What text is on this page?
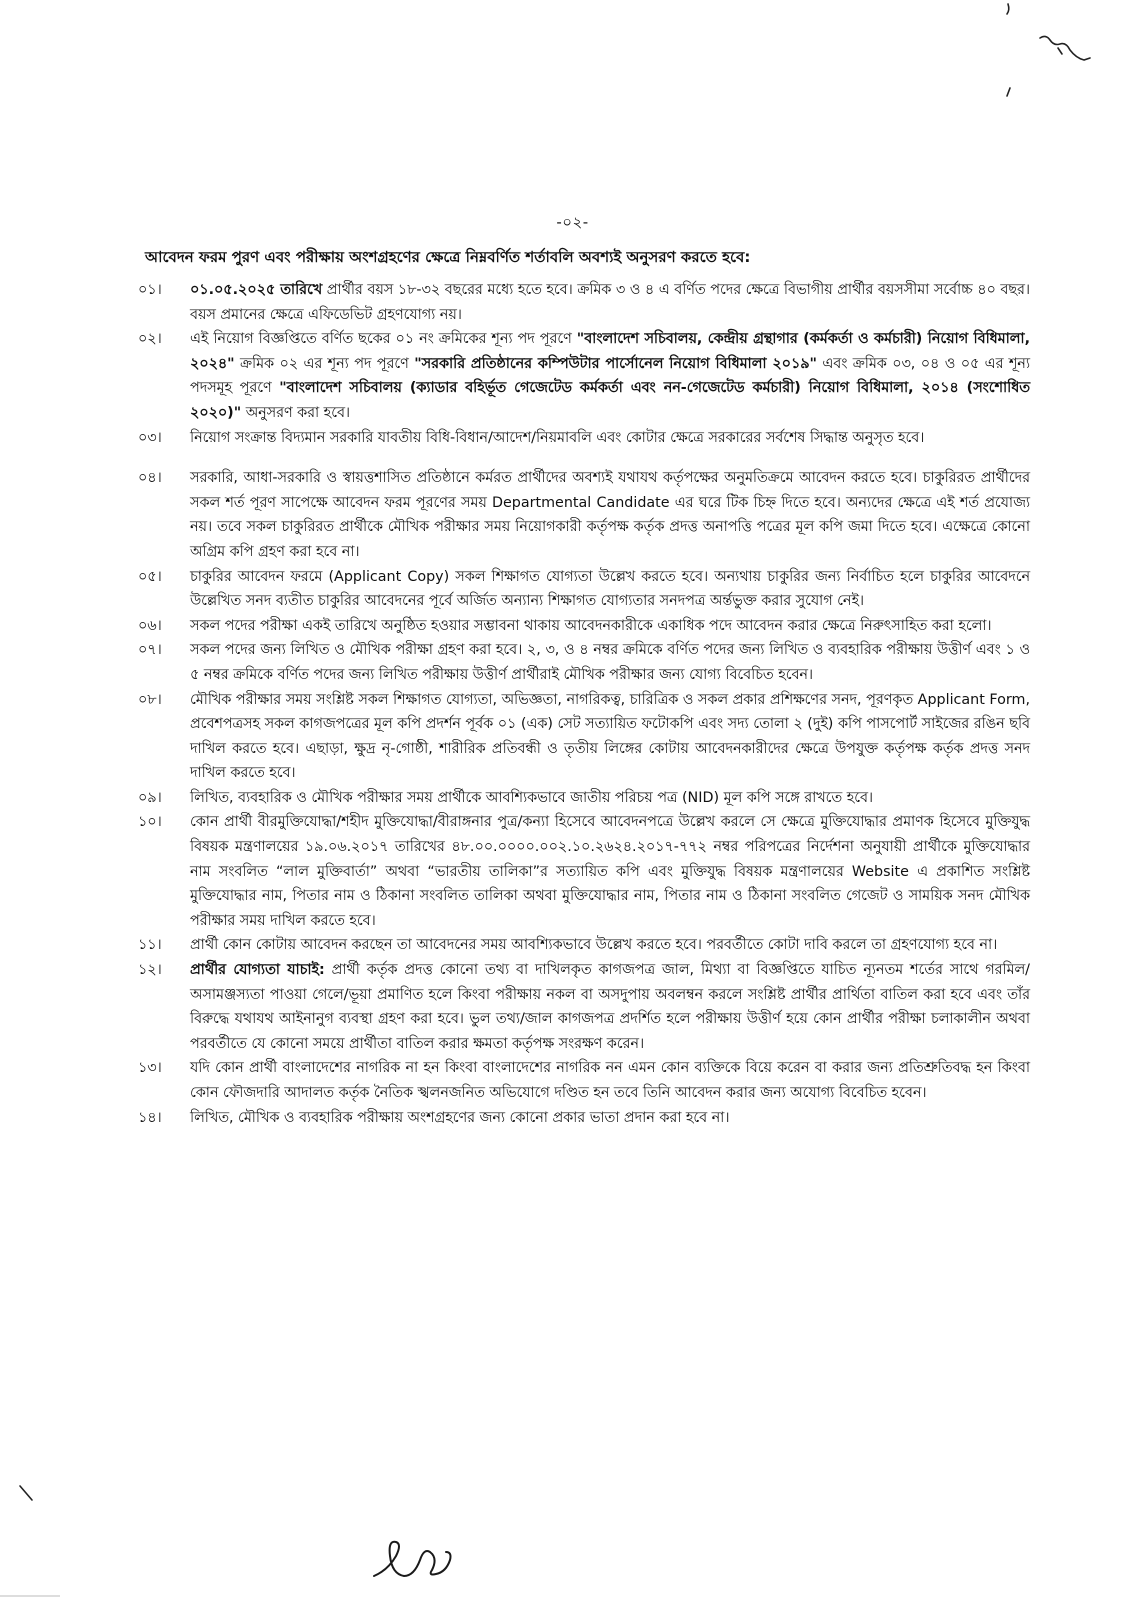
-০২-
আবেদন ফরম পুরণ এবং পরীক্ষায় অংশগ্রহণের ক্ষেত্রে নিম্নবর্ণিত শর্তাবলি অবশ্যই অনুসরণ করতে হবে:
০১।	০১.০৫.২০২৫ তারিখে প্রার্থীর বয়স ১৮-৩২ বছরের মধ্যে হতে হবে। ক্রমিক ৩ ও ৪ এ বর্ণিত পদের ক্ষেত্রে বিভাগীয় প্রার্থীর বয়সসীমা সর্বোচ্চ ৪০ বছর। বয়স প্রমানের ক্ষেত্রে এফিডেভিট গ্রহণযোগ্য নয়।
০২।	এই নিয়োগ বিজ্ঞপ্তিতে বর্ণিত ছকের ০১ নং ক্রমিকের শূন্য পদ পূরণে "বাংলাদেশ সচিবালয়, কেন্দ্রীয় গ্রন্থাগার (কর্মকর্তা ও কর্মচারী) নিয়োগ বিধিমালা, ২০২৪" ক্রমিক ০২ এর শূন্য পদ পূরণে "সরকারি প্রতিষ্ঠানের কম্পিউটার পার্সোনেল নিয়োগ বিধিমালা ২০১৯" এবং ক্রমিক ০৩, ০৪ ও ০৫ এর শূন্য পদসমূহ পূরণে "বাংলাদেশ সচিবালয় (ক্যাডার বহির্ভূত গেজেটেড কর্মকর্তা এবং নন-গেজেটেড কর্মচারী) নিয়োগ বিধিমালা, ২০১৪ (সংশোধিত ২০২০)" অনুসরণ করা হবে।
০৩।	নিয়োগ সংক্রান্ত বিদ্যমান সরকারি যাবতীয় বিধি-বিধান/আদেশ/নিয়মাবলি এবং কোটার ক্ষেত্রে সরকারের সর্বশেষ সিদ্ধান্ত অনুসৃত হবে।
০৪।	সরকারি, আধা-সরকারি ও স্বায়ত্তশাসিত প্রতিষ্ঠানে কর্মরত প্রার্থীদের অবশ্যই যথাযথ কর্তৃপক্ষের অনুমতিক্রমে আবেদন করতে হবে। চাকুরিরত প্রার্থীদের সকল শর্ত পূরণ সাপেক্ষে আবেদন ফরম পূরণের সময় Departmental Candidate এর ঘরে টিক চিহ্ন দিতে হবে। অন্যদের ক্ষেত্রে এই শর্ত প্রযোজ্য নয়। তবে সকল চাকুরিরত প্রার্থীকে মৌখিক পরীক্ষার সময় নিয়োগকারী কর্তৃপক্ষ কর্তৃক প্রদত্ত অনাপত্তি পত্রের মূল কপি জমা দিতে হবে। এক্ষেত্রে কোনো অগ্রিম কপি গ্রহণ করা হবে না।
০৫।	চাকুরির আবেদন ফরমে (Applicant Copy) সকল শিক্ষাগত যোগ্যতা উল্লেখ করতে হবে। অন্যথায় চাকুরির জন্য নির্বাচিত হলে চাকুরির আবেদনে উল্লেখিত সনদ ব্যতীত চাকুরির আবেদনের পূর্বে অর্জিত অন্যান্য শিক্ষাগত যোগ্যতার সনদপত্র অর্ন্তভুক্ত করার সুযোগ নেই।
০৬।	সকল পদের পরীক্ষা একই তারিখে অনুষ্ঠিত হওয়ার সম্ভাবনা থাকায় আবেদনকারীকে একাধিক পদে আবেদন করার ক্ষেত্রে নিরুৎসাহিত করা হলো।
০৭।	সকল পদের জন্য লিখিত ও মৌখিক পরীক্ষা গ্রহণ করা হবে। ২, ৩, ও ৪ নম্বর ক্রমিকে বর্ণিত পদের জন্য লিখিত ও ব্যবহারিক পরীক্ষায় উত্তীর্ণ এবং ১ ও ৫ নম্বর ক্রমিকে বর্ণিত পদের জন্য লিখিত পরীক্ষায় উত্তীর্ণ প্রার্থীরাই মৌখিক পরীক্ষার জন্য যোগ্য বিবেচিত হবেন।
০৮।	মৌখিক পরীক্ষার সময় সংশ্লিষ্ট সকল শিক্ষাগত যোগ্যতা, অভিজ্ঞতা, নাগরিকত্ব, চারিত্রিক ও সকল প্রকার প্রশিক্ষণের সনদ, পূরণকৃত Applicant Form, প্রবেশপত্রসহ সকল কাগজপত্রের মূল কপি প্রদর্শন পূর্বক ০১ (এক) সেট সত্যায়িত ফটোকপি এবং সদ্য তোলা ২ (দুই) কপি পাসপোর্ট সাইজের রঙিন ছবি দাখিল করতে হবে। এছাড়া, ক্ষুদ্র নৃ-গোষ্ঠী, শারীরিক প্রতিবন্ধী ও তৃতীয় লিঙ্গের কোটায় আবেদনকারীদের ক্ষেত্রে উপযুক্ত কর্তৃপক্ষ কর্তৃক প্রদত্ত সনদ দাখিল করতে হবে।
০৯।	লিখিত, ব্যবহারিক ও মৌখিক পরীক্ষার সময় প্রার্থীকে আবশ্যিকভাবে জাতীয় পরিচয় পত্র (NID) মূল কপি সঙ্গে রাখতে হবে।
১০।	কোন প্রার্থী বীরমুক্তিযোদ্ধা/শহীদ মুক্তিযোদ্ধা/বীরাঙ্গনার পুত্র/কন্যা হিসেবে আবেদনপত্রে উল্লেখ করলে সে ক্ষেত্রে মুক্তিযোদ্ধার প্রমাণক হিসেবে মুক্তিযুদ্ধ বিষয়ক মন্ত্রণালয়ের ১৯.০৬.২০১৭ তারিখের ৪৮.০০.০০০০.০০২.১০.২৬২৪.২০১৭-৭৭২ নম্বর পরিপত্রের নির্দেশনা অনুযায়ী প্রার্থীকে মুক্তিযোদ্ধার নাম সংবলিত “লাল মুক্তিবার্তা” অথবা “ভারতীয় তালিকা”র সত্যায়িত কপি এবং মুক্তিযুদ্ধ বিষয়ক মন্ত্রণালয়ের Website এ প্রকাশিত সংশ্লিষ্ট মুক্তিযোদ্ধার নাম, পিতার নাম ও ঠিকানা সংবলিত তালিকা অথবা মুক্তিযোদ্ধার নাম, পিতার নাম ও ঠিকানা সংবলিত গেজেট ও সাময়িক সনদ মৌখিক পরীক্ষার সময় দাখিল করতে হবে।
১১।	প্রার্থী কোন কোটায় আবেদন করছেন তা আবেদনের সময় আবশ্যিকভাবে উল্লেখ করতে হবে। পরবর্তীতে কোটা দাবি করলে তা গ্রহণযোগ্য হবে না।
১২।	প্রার্থীর যোগ্যতা যাচাই: প্রার্থী কর্তৃক প্রদত্ত কোনো তথ্য বা দাখিলকৃত কাগজপত্র জাল, মিথ্যা বা বিজ্ঞপ্তিতে যাচিত ন্যূনতম শর্তের সাথে গরমিল/অসামঞ্জস্যতা পাওয়া গেলে/ভূয়া প্রমাণিত হলে কিংবা পরীক্ষায় নকল বা অসদুপায় অবলম্বন করলে সংশ্লিষ্ট প্রার্থীর প্রার্থিতা বাতিল করা হবে এবং তাঁর বিরুদ্ধে যথাযথ আইনানুগ ব্যবস্থা গ্রহণ করা হবে। ভুল তথ্য/জাল কাগজপত্র প্রদর্শিত হলে পরীক্ষায় উত্তীর্ণ হয়ে কোন প্রার্থীর পরীক্ষা চলাকালীন অথবা পরবর্তীতে যে কোনো সময়ে প্রার্থীতা বাতিল করার ক্ষমতা কর্তৃপক্ষ সংরক্ষণ করেন।
১৩।	যদি কোন প্রার্থী বাংলাদেশের নাগরিক না হন কিংবা বাংলাদেশের নাগরিক নন এমন কোন ব্যক্তিকে বিয়ে করেন বা করার জন্য প্রতিশ্রুতিবদ্ধ হন কিংবা কোন ফৌজদারি আদালত কর্তৃক নৈতিক স্খলনজনিত অভিযোগে দণ্ডিত হন তবে তিনি আবেদন করার জন্য অযোগ্য বিবেচিত হবেন।
১৪।	লিখিত, মৌখিক ও ব্যবহারিক পরীক্ষায় অংশগ্রহণের জন্য কোনো প্রকার ভাতা প্রদান করা হবে না।
